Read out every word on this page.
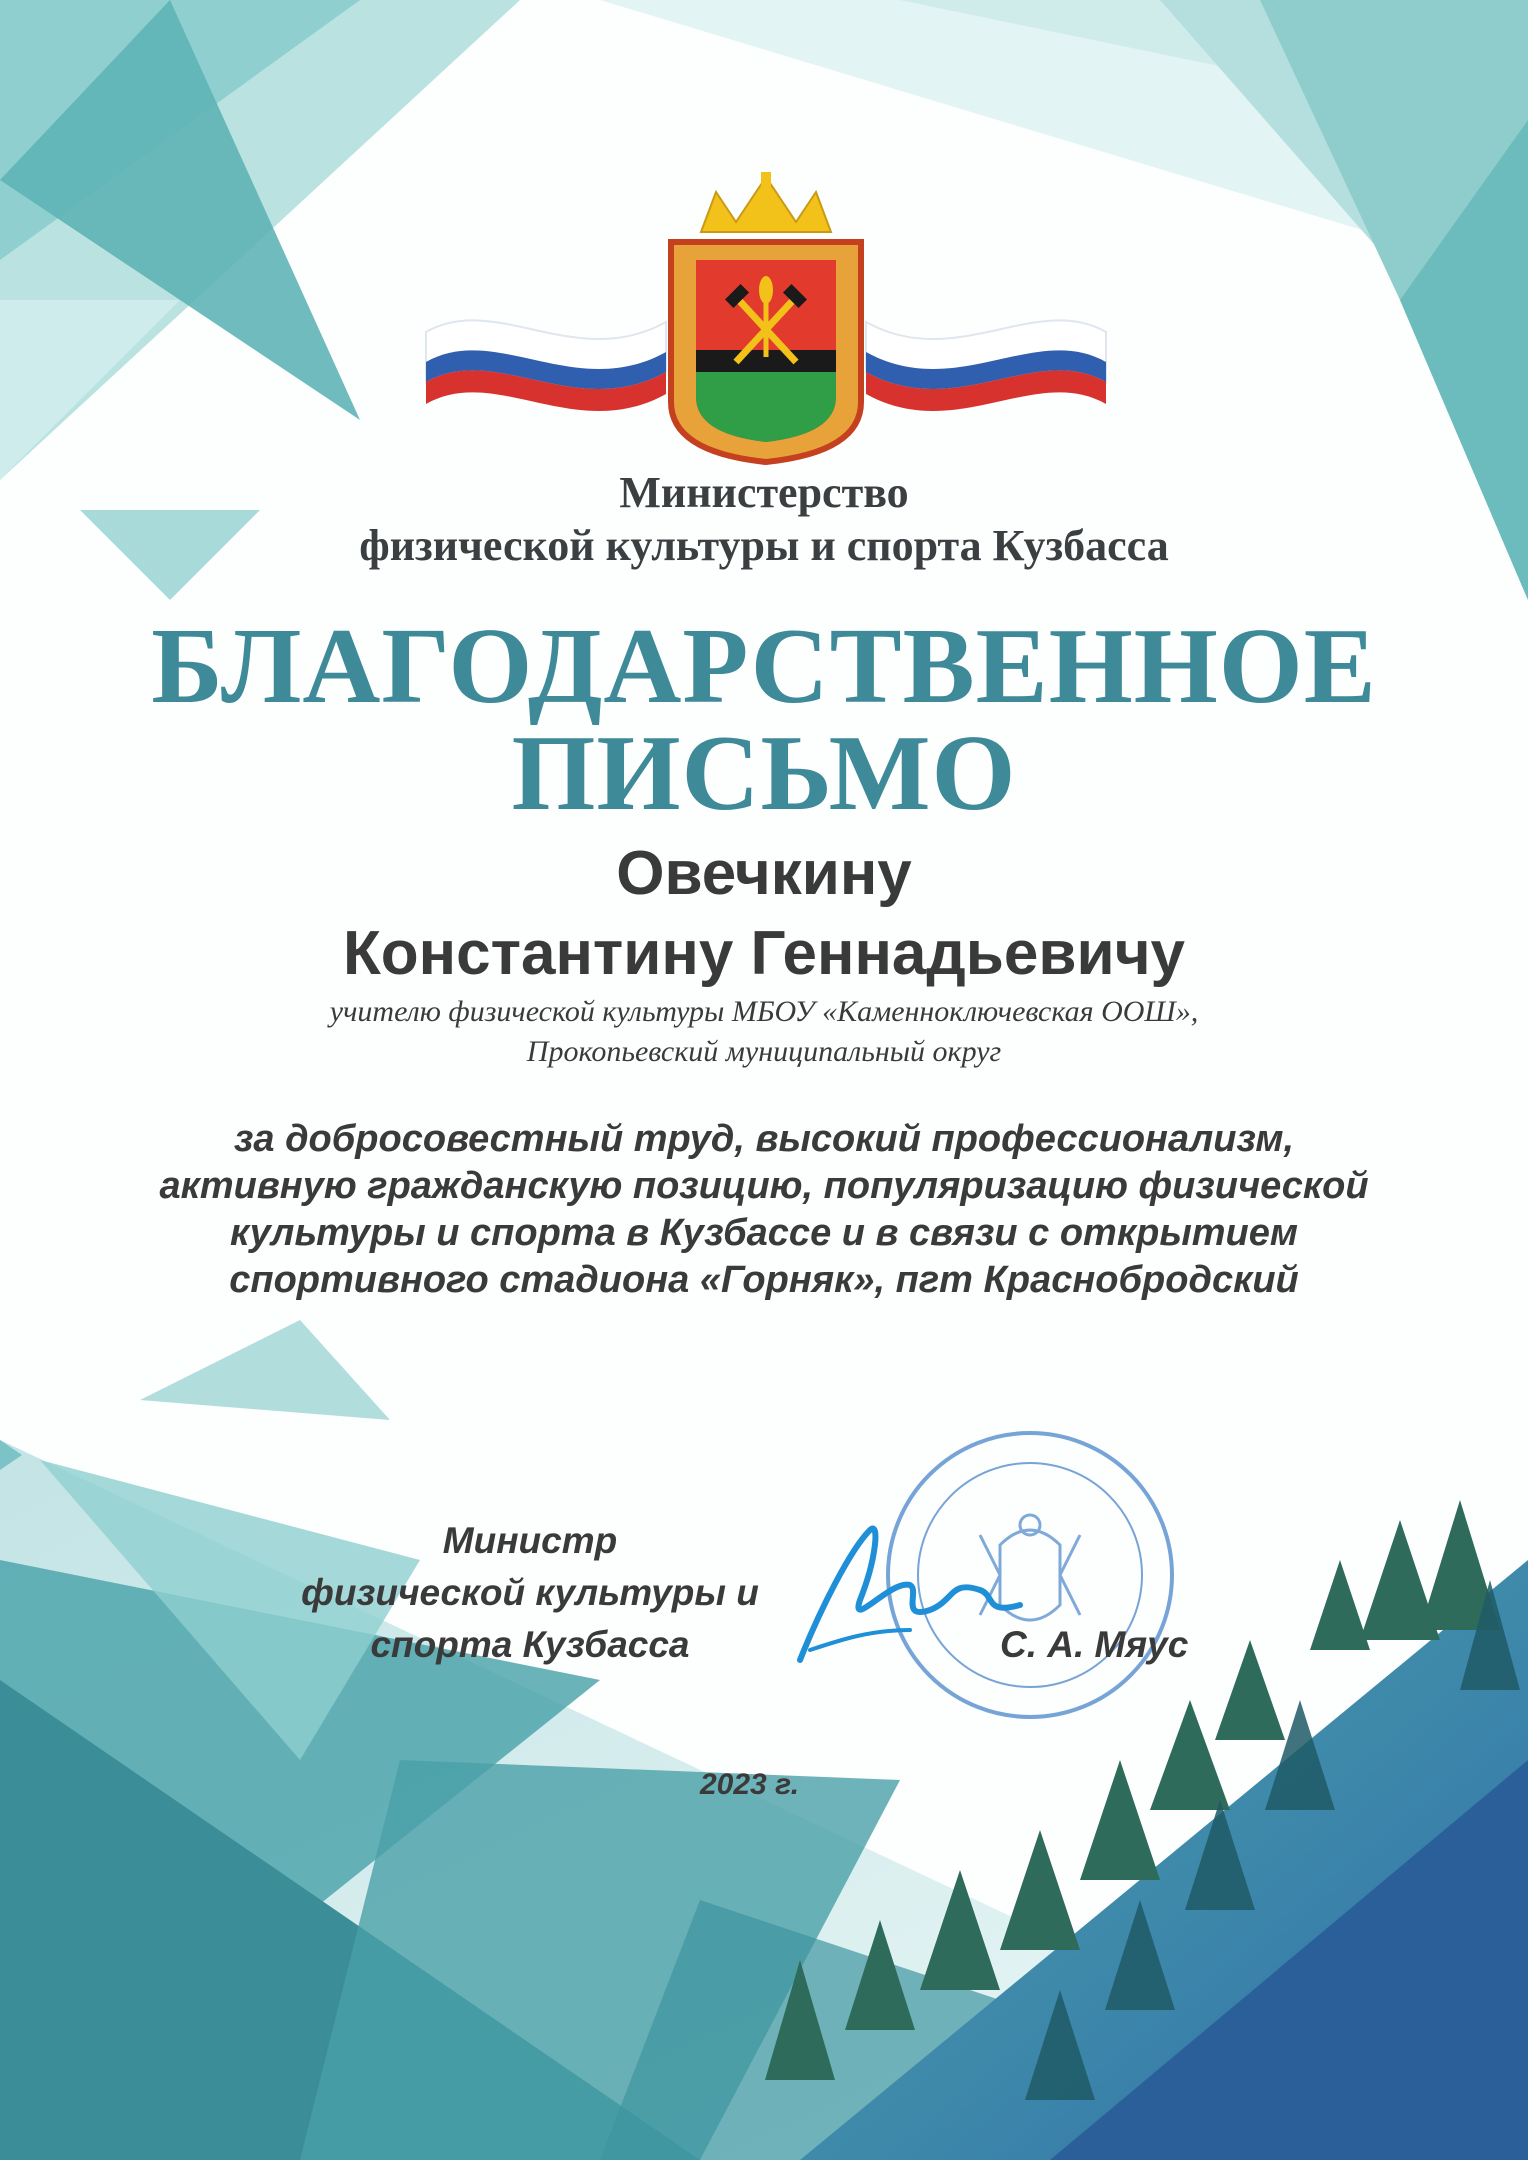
Министерство
физической культуры и спорта Кузбасса
БЛАГОДАРСТВЕННОЕ
ПИСЬМО
Овечкину
Константину Геннадьевичу
учителю физической культуры МБОУ «Каменноключевская ООШ»,
Прокопьевский муниципальный округ
за добросовестный труд, высокий профессионализм,
активную гражданскую позицию, популяризацию физической
культуры и спорта в Кузбассе и в связи с открытием
спортивного стадиона «Горняк», пгт Краснобродский
Министр
физической культуры и
спорта Кузбасса	С. А. Мяус
2023 г.
